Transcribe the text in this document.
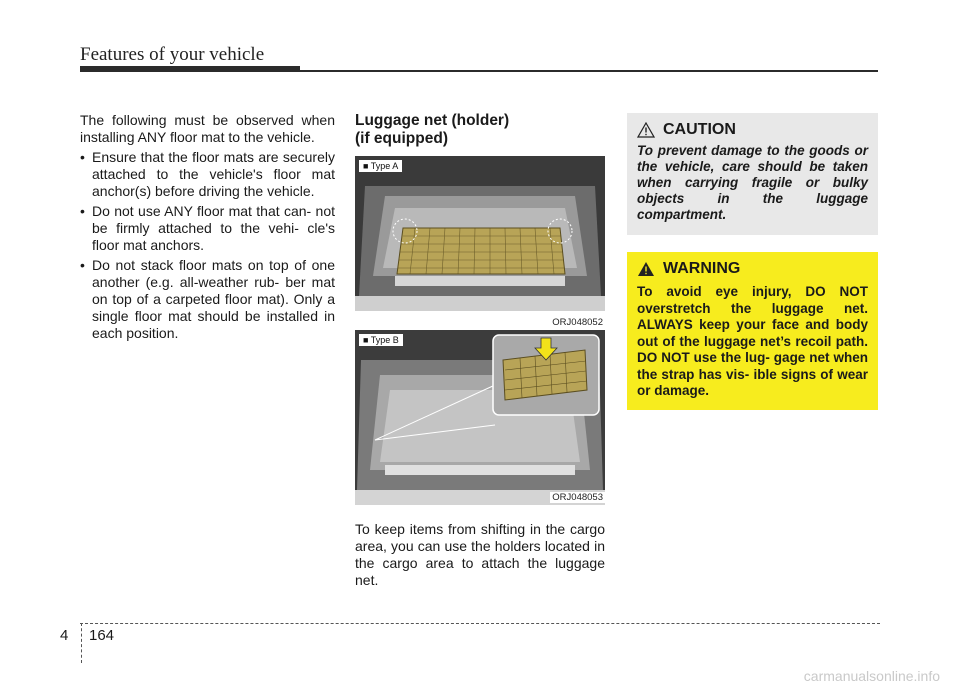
Features of your vehicle

The following must be observed when installing ANY floor mat to the vehicle.

• Ensure that the floor mats are securely attached to the vehicle's floor mat anchor(s) before driving the vehicle.
• Do not use ANY floor mat that can- not be firmly attached to the vehi- cle's floor mat anchors.
• Do not stack floor mats on top of one another (e.g. all-weather rub- ber mat on top of a carpeted floor mat). Only a single floor mat should be installed in each position.
Luggage net (holder)
(if equipped)
■ Type A
ORJ048052
■ Type B
ORJ048053
To keep items from shifting in the cargo area, you can use the holders located in the cargo area to attach the luggage net.
CAUTION
To prevent damage to the goods or the vehicle, care should be taken when carrying fragile or bulky objects in the luggage compartment.
WARNING
To avoid eye injury, DO NOT overstretch the luggage net. ALWAYS keep your face and body out of the luggage net’s recoil path. DO NOT use the lug- gage net when the strap has vis- ible signs of wear or damage.
4 164
carmanualsonline.info
